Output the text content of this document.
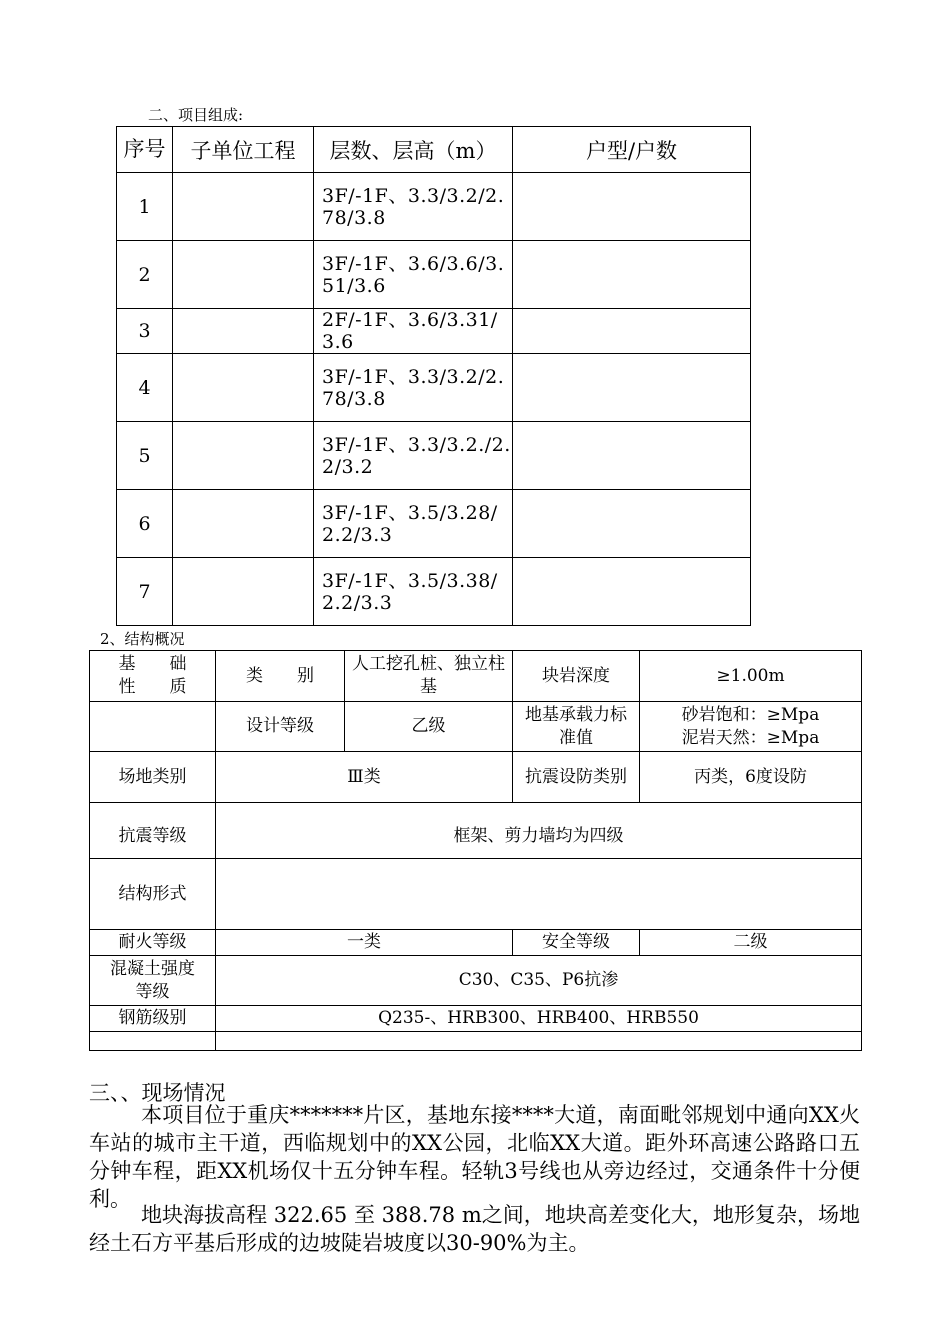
二、项目组成:
序号	子单位工程	层数、层高（m）	户型/户数
1		3F/-1F、3.3/3.2/2.78/3.8	
2		3F/-1F、3.6/3.6/3.51/3.6	
3		2F/-1F、3.6/3.31/3.6	
4		3F/-1F、3.3/3.2/2.78/3.8	
5		3F/-1F、3.3/3.2./2.2/3.2	
6		3F/-1F、3.5/3.28/2.2/3.3	
7		3F/-1F、3.5/3.38/2.2/3.3	
2、结构概况
基　　础
性　　质	类　　别	人工挖孔桩、独立柱基	块岩深度	≥1.00m
	设计等级	乙级	地基承载力标准值	砂岩饱和：≥Mpa
泥岩天然：≥Mpa

场地类别	Ⅲ类		抗震设防类别	丙类，6度设防
抗震等级	框架、剪力墙均为四级			
结构形式				
耐火等级	一类		安全等级	二级
混凝土强度等级	C30、C35、P6抗渗			
钢筋级别	Q235-、HRB300、HRB400、HRB550			

三、、现场情况
本项目位于重庆*******片区，基地东接****大道，南面毗邻规划中通向XX火车站的城市主干道，西临规划中的XX公园，北临XX大道。距外环高速公路路口五分钟车程，距XX机场仅十五分钟车程。轻轨3号线也从旁边经过，交通条件十分便利。
地块海拔高程 322.65 至 388.78 m之间，地块高差变化大，地形复杂，场地经土石方平基后形成的边坡陡岩坡度以30-90%为主。
